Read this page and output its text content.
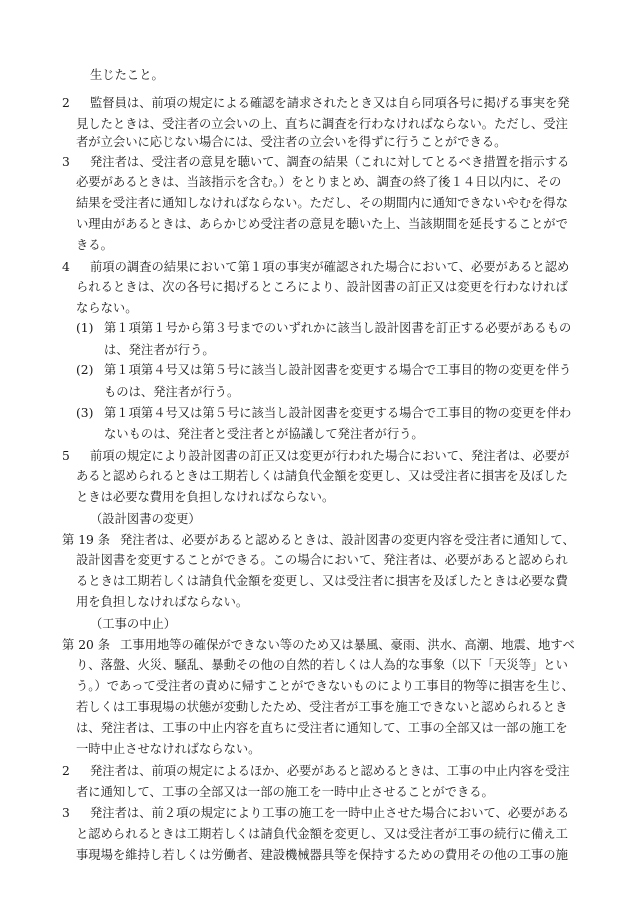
2
3
4
(1)
(2)
(3)
5
第 19 条
第 20 条
2
3
生じたこと。
監督員は、前項の規定による確認を請求されたとき又は自ら同項各号に掲げる事実を発
見したときは、受注者の立会いの上、直ちに調査を行わなければならない。ただし、受注
者が立会いに応じない場合には、受注者の立会いを得ずに行うことができる。
発注者は、受注者の意見を聴いて、調査の結果（これに対してとるべき措置を指示する
必要があるときは、当該指示を含む。）をとりまとめ、調査の終了後１４日以内に、その
結果を受注者に通知しなければならない。ただし、その期間内に通知できないやむを得な
い理由があるときは、あらかじめ受注者の意見を聴いた上、当該期間を延長することがで
きる。
前項の調査の結果において第１項の事実が確認された場合において、必要があると認め
られるときは、次の各号に掲げるところにより、設計図書の訂正又は変更を行わなければ
ならない。
第１項第１号から第３号までのいずれかに該当し設計図書を訂正する必要があるもの
は、発注者が行う。
第１項第４号又は第５号に該当し設計図書を変更する場合で工事目的物の変更を伴う
ものは、発注者が行う。
第１項第４号又は第５号に該当し設計図書を変更する場合で工事目的物の変更を伴わ
ないものは、発注者と受注者とが協議して発注者が行う。
前項の規定により設計図書の訂正又は変更が行われた場合において、発注者は、必要が
あると認められるときは工期若しくは請負代金額を変更し、又は受注者に損害を及ぼした
ときは必要な費用を負担しなければならない。
（設計図書の変更）
発注者は、必要があると認めるときは、設計図書の変更内容を受注者に通知して、
設計図書を変更することができる。この場合において、発注者は、必要があると認められ
るときは工期若しくは請負代金額を変更し、又は受注者に損害を及ぼしたときは必要な費
用を負担しなければならない。
（工事の中止）
工事用地等の確保ができない等のため又は暴風、豪雨、洪水、高潮、地震、地すべ
り、落盤、火災、騒乱、暴動その他の自然的若しくは人為的な事象（以下「天災等」とい
う。）であって受注者の責めに帰すことができないものにより工事目的物等に損害を生じ、
若しくは工事現場の状態が変動したため、受注者が工事を施工できないと認められるとき
は、発注者は、工事の中止内容を直ちに受注者に通知して、工事の全部又は一部の施工を
一時中止させなければならない。
発注者は、前項の規定によるほか、必要があると認めるときは、工事の中止内容を受注
者に通知して、工事の全部又は一部の施工を一時中止させることができる。
発注者は、前２項の規定により工事の施工を一時中止させた場合において、必要がある
と認められるときは工期若しくは請負代金額を変更し、又は受注者が工事の続行に備え工
事現場を維持し若しくは労働者、建設機械器具等を保持するための費用その他の工事の施
